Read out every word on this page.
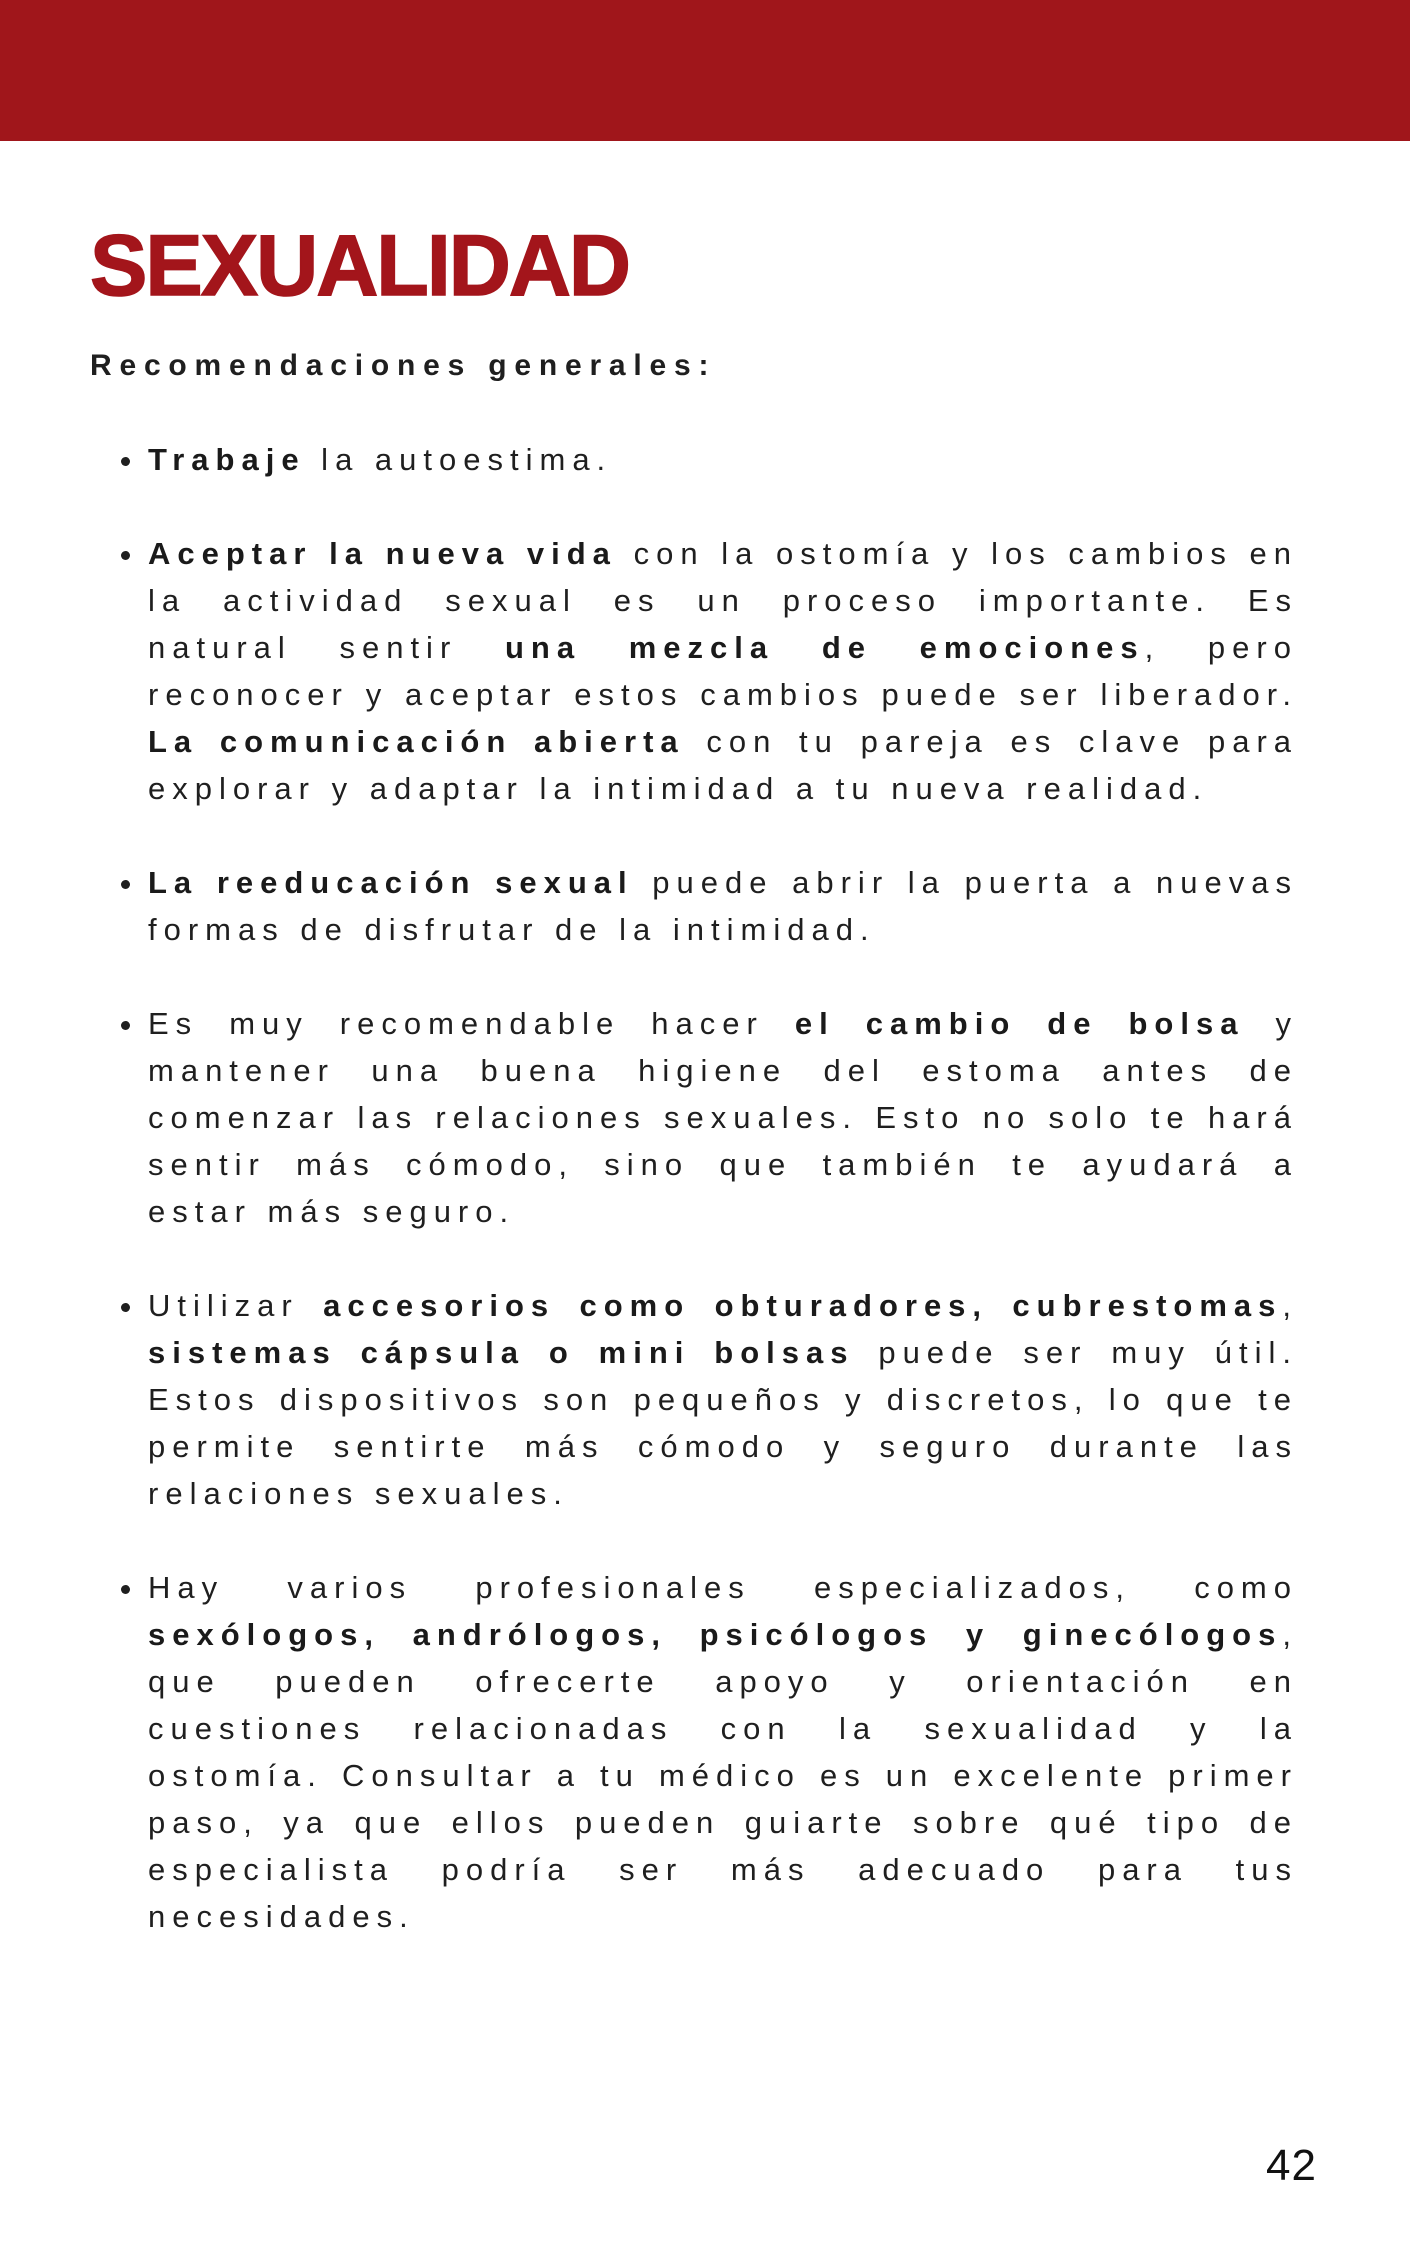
SEXUALIDAD
Recomendaciones generales:
Trabaje la autoestima.
Aceptar la nueva vida con la ostomía y los cambios en la actividad sexual es un proceso importante. Es natural sentir una mezcla de emociones, pero reconocer y aceptar estos cambios puede ser liberador. La comunicación abierta con tu pareja es clave para explorar y adaptar la intimidad a tu nueva realidad.
La reeducación sexual puede abrir la puerta a nuevas formas de disfrutar de la intimidad.
Es muy recomendable hacer el cambio de bolsa y mantener una buena higiene del estoma antes de comenzar las relaciones sexuales. Esto no solo te hará sentir más cómodo, sino que también te ayudará a estar más seguro.
Utilizar accesorios como obturadores, cubrestomas, sistemas cápsula o mini bolsas puede ser muy útil. Estos dispositivos son pequeños y discretos, lo que te permite sentirte más cómodo y seguro durante las relaciones sexuales.
Hay varios profesionales especializados, como sexólogos, andrólogos, psicólogos y ginecólogos, que pueden ofrecerte apoyo y orientación en cuestiones relacionadas con la sexualidad y la ostomía. Consultar a tu médico es un excelente primer paso, ya que ellos pueden guiarte sobre qué tipo de especialista podría ser más adecuado para tus necesidades.
42
